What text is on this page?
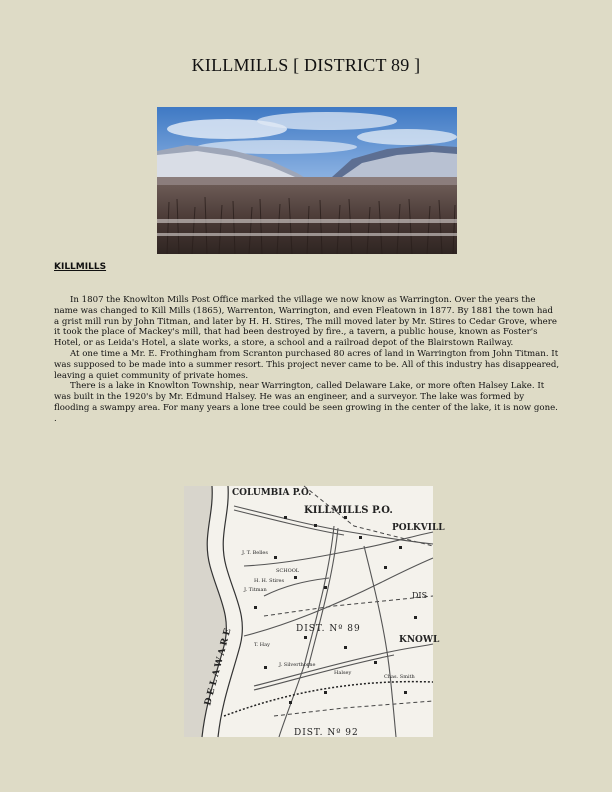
KILLMILLS [ DISTRICT 89 ]
KILLMILLS

In 1807 the Knowlton Mills Post Office marked the village we now know as Warrington. Over the years the name was changed to Kill Mills (1865), Warrenton, Warrington, and even Fleatown in 1877. By 1881 the town had a grist mill run by John Titman, and later by H. H. Stires, The mill moved later by Mr. Stires to Cedar Grove, where it took the place of Mackey's mill, that had been destroyed by fire., a tavern, a public house, known as Foster's Hotel, or as Leida's Hotel, a slate works, a store, a school and a railroad depot of the Blairstown Railway.

At one time a Mr. E. Frothingham from Scranton purchased 80 acres of land in Warrington from John Titman. It was supposed to be made into a summer resort. This project never came to be. All of this industry has disappeared, leaving a quiet community of private homes.

There is a lake in Knowlton Township, near Warrington, called Delaware Lake, or more often Halsey Lake. It was built in the 1920's by Mr. Edmund Halsey. He was an engineer, and a surveyor. The lake was formed by flooding a swampy area. For many years a lone tree could be seen growing in the center of the lake, it is now gone.

.

COLUMBIA P.O.
KILLMILLS P.O.
POLKVILL
DIST. Nº 89
DIST. Nº 92
KNOWL
DIS
SCHOOL
J. Silverthorne
Halsey
T. Hay
J. Titman
H. H. Stires
J. T. Belles
Chas. Smith
DELAWARE
